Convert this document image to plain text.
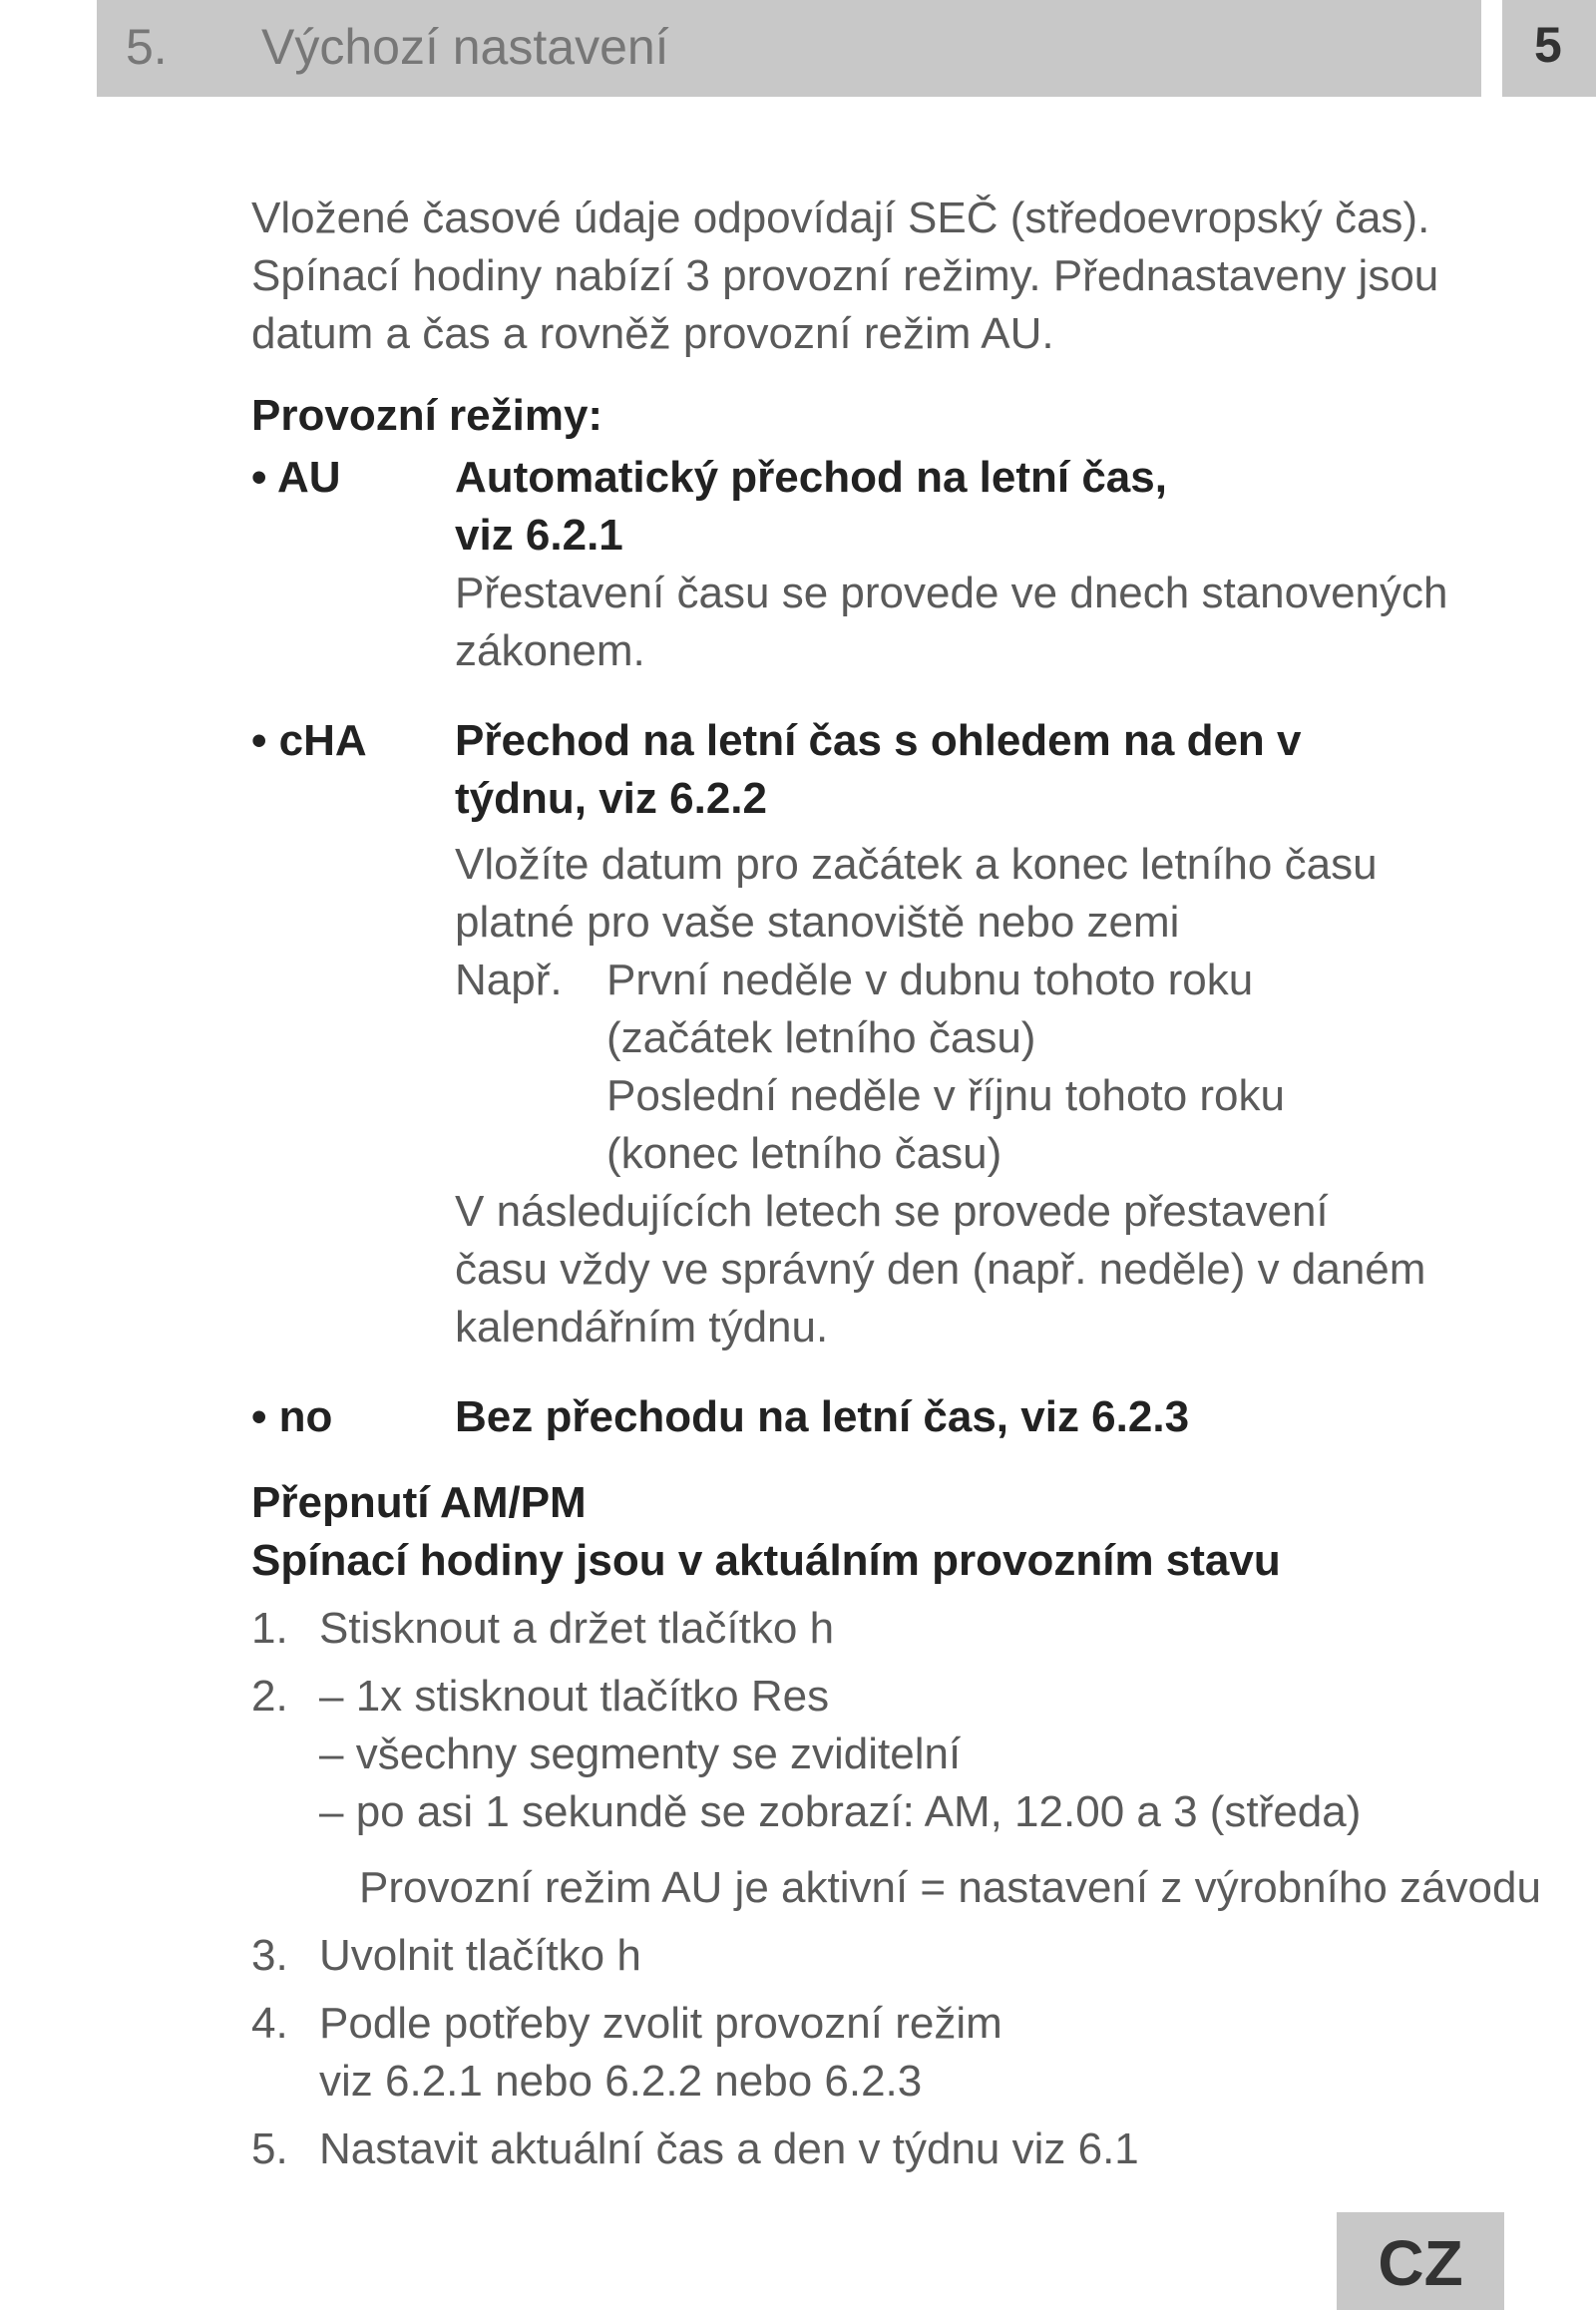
5. Výchozí nastavení	5
Vložené časové údaje odpovídají SEČ (středoevropský čas).
Spínací hodiny nabízí 3 provozní režimy. Přednastaveny jsou
datum a čas a rovněž provozní režim AU.
Provozní režimy:
• AU	Automatický přechod na letní čas,
viz 6.2.1
Přestavení času se provede ve dnech stanovených
zákonem.
• cHA	Přechod na letní čas s ohledem na den v
týdnu, viz 6.2.2
Vložíte datum pro začátek a konec letního času
platné pro vaše stanoviště nebo zemi
Např.	První neděle v dubnu tohoto roku
(začátek letního času)
Poslední neděle v říjnu tohoto roku
(konec letního času)
V následujících letech se provede přestavení
času vždy ve správný den (např. neděle) v daném
kalendářním týdnu.
• no	Bez přechodu na letní čas, viz 6.2.3
Přepnutí AM/PM
Spínací hodiny jsou v aktuálním provozním stavu
1. Stisknout a držet tlačítko h
2. – 1x stisknout tlačítko Res
– všechny segmenty se zviditelní
– po asi 1 sekundě se zobrazí: AM, 12.00 a 3 (středa)
Provozní režim AU je aktivní = nastavení z výrobního závodu
3. Uvolnit tlačítko h
4. Podle potřeby zvolit provozní režim
viz 6.2.1 nebo 6.2.2 nebo 6.2.3
5. Nastavit aktuální čas a den v týdnu viz 6.1
CZ
